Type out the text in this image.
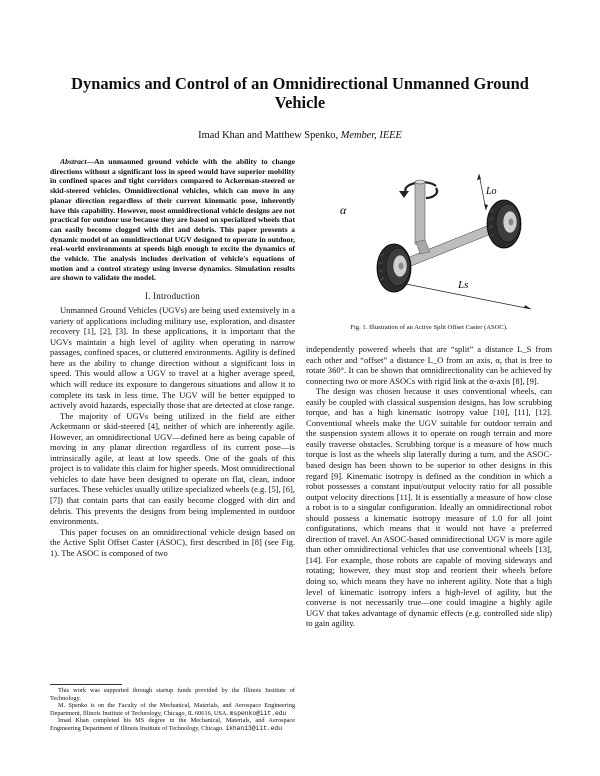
Dynamics and Control of an Omnidirectional Unmanned Ground Vehicle
Imad Khan and Matthew Spenko, Member, IEEE

Abstract—An unmanned ground vehicle with the ability to change directions without a significant loss in speed would have superior mobility in confined spaces and tight corridors compared to Ackerman-steered or skid-steered vehicles. Omnidirectional vehicles, which can move in any planar direction regardless of their current kinematic pose, inherently have this capability. However, most omnidirectional vehicle designs are not practical for outdoor use because they are based on specialized wheels that can easily become clogged with dirt and debris. This paper presents a dynamic model of an omnidirectional UGV designed to operate in outdoor, real-world environments at speeds high enough to excite the dynamics of the vehicle. The analysis includes derivation of vehicle's equations of motion and a control strategy using inverse dynamics. Simulation results are shown to validate the model.

I. Introduction

Unmanned Ground Vehicles (UGVs) are being used extensively in a variety of applications including military use, exploration, and disaster recovery [1], [2], [3]. In these applications, it is important that the UGVs maintain a high level of agility when operating in narrow passages, confined spaces, or cluttered environments. Agility is defined here as the ability to change direction without a significant loss in speed. This would allow a UGV to travel at a higher average speed, which will reduce its exposure to dangerous situations and allow it to complete its task in less time. The UGV will be better equipped to actively avoid hazards, especially those that are detected at close range.

The majority of UGVs being utilized in the field are either Ackermann or skid-steered [4], neither of which are inherently agile. However, an omnidirectional UGV—defined here as being capable of moving in any planar direction regardless of its current pose—is intrinsically agile, at least at low speeds. One of the goals of this project is to validate this claim for higher speeds. Most omnidirectional vehicles to date have been designed to operate on flat, clean, indoor surfaces. These vehicles usually utilize specialized wheels (e.g. [5], [6], [7]) that contain parts that can easily become clogged with dirt and debris. This prevents the designs from being implemented in outdoor environments.

This paper focuses on an omnidirectional vehicle design based on the Active Split Offset Caster (ASOC), first described in [8] (see Fig. 1). The ASOC is composed of two

This work was supported through startup funds provided by the Illinois Institute of Technology.

M. Spenko is on the Faculty of the Mechanical, Materials, and Aerospace Engineering Department, Illinois Institute of Technology, Chicago, IL 60616, USA. mspenko@iit.edu

Imad Khan completed his MS degree in the Mechanical, Materials, and Aerospace Engineering Department of Illinois Institute of Technology, Chicago. ikhan13@iit.edu

α
Lo
Ls
Fig. 1. Illustration of an Active Split Offset Caster (ASOC).

independently powered wheels that are “split” a distance L_S from each other and “offset” a distance L_O from an axis, α, that is free to rotate 360°. It can be shown that omnidirectionality can be achieved by connecting two or more ASOCs with rigid link at the α-axis [8], [9].

The design was chosen because it uses conventional wheels, can easily be coupled with classical suspension designs, has low scrubbing torque, and has a high kinematic isotropy value [10], [11], [12]. Conventional wheels make the UGV suitable for outdoor terrain and the suspension system allows it to operate on rough terrain and more easily traverse obstacles. Scrubbing torque is a measure of how much torque is lost as the wheels slip laterally during a turn, and the ASOC-based design has been shown to be superior to other designs in this regard [9]. Kinematic isotropy is defined as the condition in which a robot possesses a constant input/output velocity ratio for all possible output velocity directions [11]. It is essentially a measure of how close a robot is to a singular configuration. Ideally an omnidirectional robot should possess a kinematic isotropy measure of 1.0 for all joint configurations, which means that it would not have a preferred direction of travel. An ASOC-based omnidirectional UGV is more agile than other omnidirectional vehicles that use conventional wheels [13], [14]. For example, those robots are capable of moving sideways and rotating; however, they must stop and reorient their wheels before doing so, which means they have no inherent agility. Note that a high level of kinematic isotropy infers a high-level of agility, but the converse is not necessarily true—one could imagine a highly agile UGV that takes advantage of dynamic effects (e.g. controlled side slip) to gain agility.
